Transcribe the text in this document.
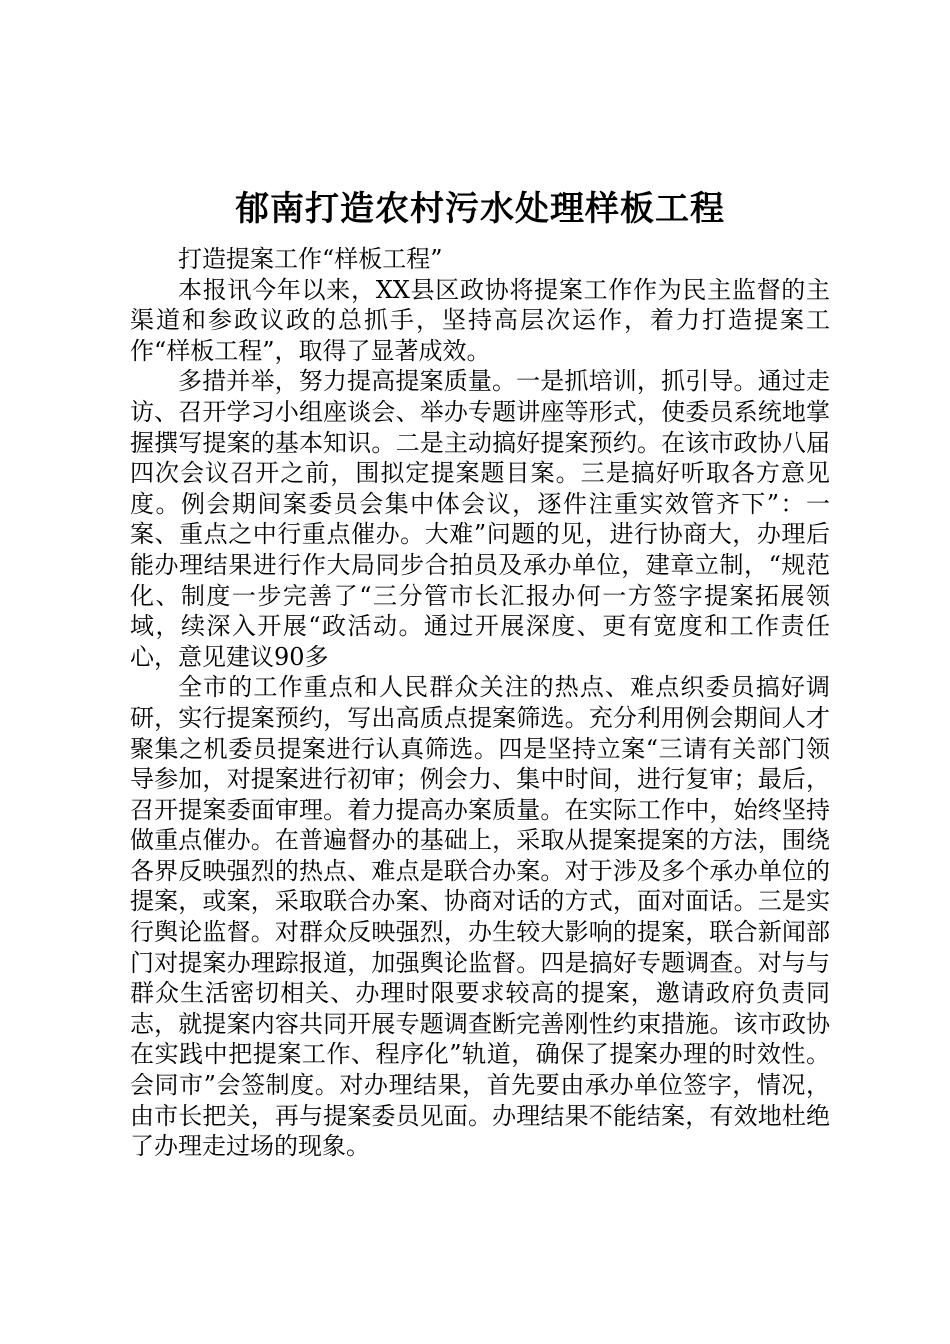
郁南打造农村污水处理样板工程

打造提案工作“样板工程”

本报讯今年以来，XX县区政协将提案工作作为民主监督的主渠道和参政议政的总抓手，坚持高层次运作，着力打造提案工作“样板工程”，取得了显著成效。

多措并举，努力提高提案质量。一是抓培训，抓引导。通过走访、召开学习小组座谈会、举办专题讲座等形式，使委员系统地掌握撰写提案的基本知识。二是主动搞好提案预约。在该市政协八届四次会议召开之前，围拟定提案题目案。三是搞好听取各方意见度。例会期间案委员会集中体会议，逐件注重实效管齐下”：一案、重点之中行重点催办。大难”问题的见，进行协商大，办理后能办理结果进行作大局同步合拍员及承办单位，建章立制，“规范化、制度一步完善了“三分管市长汇报办何一方签字提案拓展领域，续深入开展“政活动。通过开展深度、更有宽度和工作责任心，意见建议90多

全市的工作重点和人民群众关注的热点、难点织委员搞好调研，实行提案预约，写出高质点提案筛选。充分利用例会期间人才聚集之机委员提案进行认真筛选。四是坚持立案“三请有关部门领导参加，对提案进行初审；例会力、集中时间，进行复审；最后，召开提案委面审理。着力提高办案质量。在实际工作中，始终坚持做重点催办。在普遍督办的基础上，采取从提案提案的方法，围绕各界反映强烈的热点、难点是联合办案。对于涉及多个承办单位的提案，或案，采取联合办案、协商对话的方式，面对面话。三是实行舆论监督。对群众反映强烈，办生较大影响的提案，联合新闻部门对提案办理踪报道，加强舆论监督。四是搞好专题调查。对与与群众生活密切相关、办理时限要求较高的提案，邀请政府负责同志，就提案内容共同开展专题调查断完善刚性约束措施。该市政协在实践中把提案工作、程序化”轨道，确保了提案办理的时效性。会同市”会签制度。对办理结果，首先要由承办单位签字，情况，由市长把关，再与提案委员见面。办理结果不能结案，有效地杜绝了办理走过场的现象。
